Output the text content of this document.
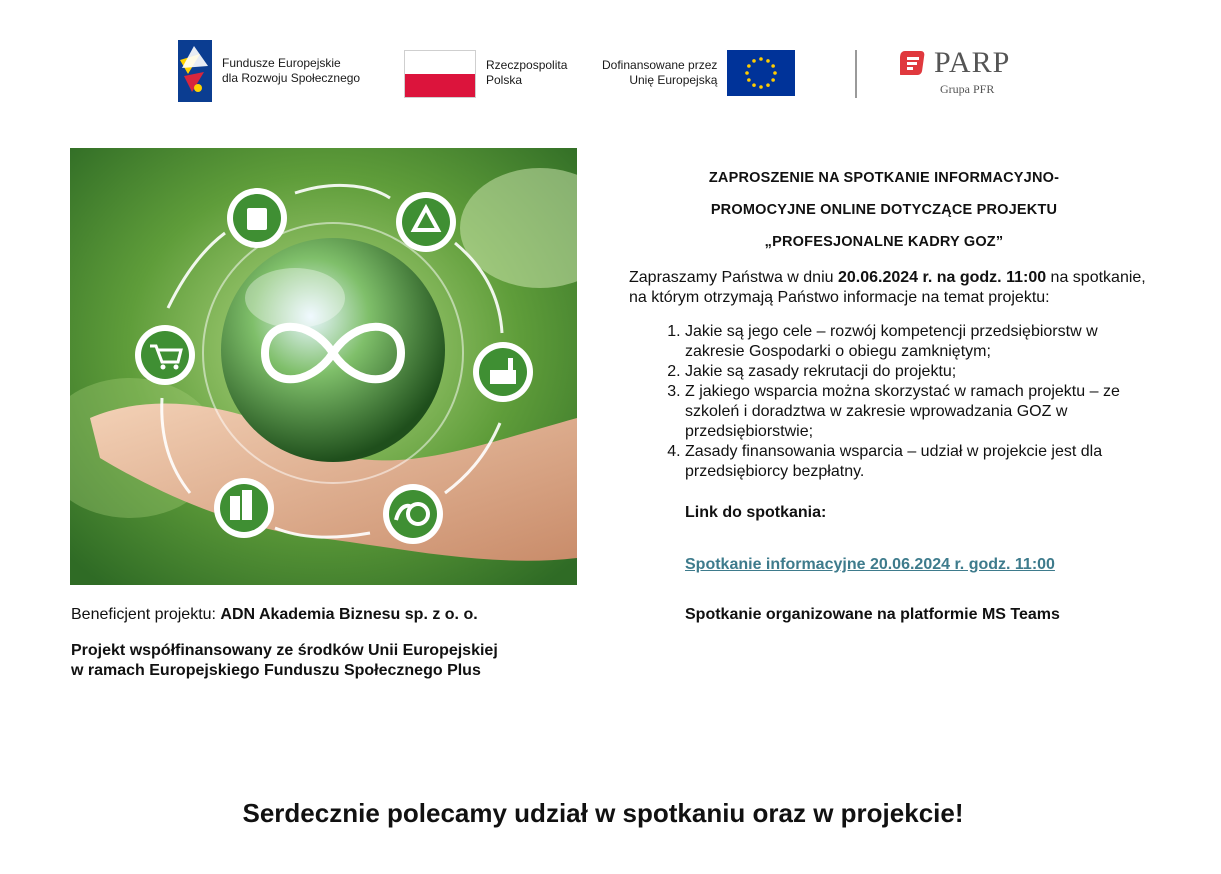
Fundusze Europejskie
dla Rozwoju Społecznego
Rzeczpospolita
Polska
Dofinansowane przez
Unię Europejską
PARP
Grupa PFR

Beneficjent projektu: ADN Akademia Biznesu sp. z o. o.

Projekt współfinansowany ze środków Unii Europejskiej
w ramach Europejskiego Funduszu Społecznego Plus

ZAPROSZENIE NA SPOTKANIE INFORMACYJNO-
PROMOCYJNE ONLINE DOTYCZĄCE PROJEKTU
„PROFESJONALNE KADRY GOZ”
Zapraszamy Państwa w dniu 20.06.2024 r. na godz. 11:00 na spotkanie, na którym otrzymają Państwo informacje na temat projektu:
1. Jakie są jego cele – rozwój kompetencji przedsiębiorstw w zakresie Gospodarki o obiegu zamkniętym;
2. Jakie są zasady rekrutacji do projektu;
3. Z jakiego wsparcia można skorzystać w ramach projektu – ze szkoleń i doradztwa w zakresie wprowadzania GOZ w przedsiębiorstwie;
4. Zasady finansowania wsparcia – udział w projekcie jest dla przedsiębiorcy bezpłatny.
Link do spotkania:
Spotkanie informacyjne 20.06.2024 r. godz. 11:00
Spotkanie organizowane na platformie MS Teams
Serdecznie polecamy udział w spotkaniu oraz w projekcie!
